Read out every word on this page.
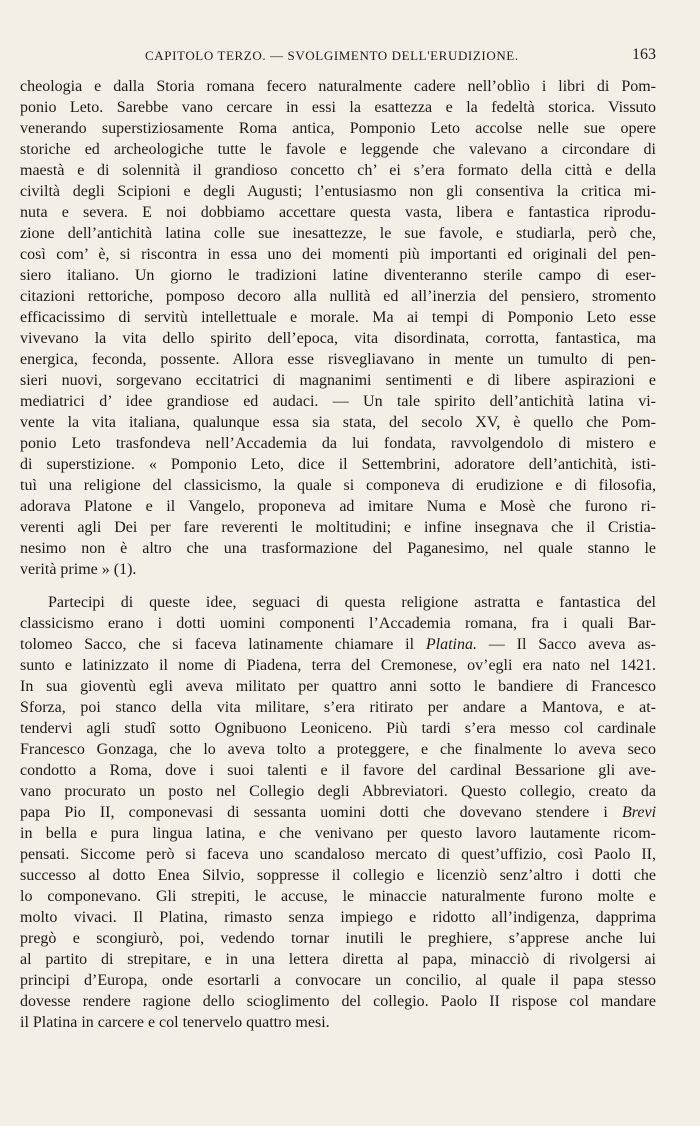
CAPITOLO TERZO. — SVOLGIMENTO DELL'ERUDIZIONE.	163
cheologia e dalla Storia romana fecero naturalmente cadere nell’oblìo i libri di Pom-
ponio Leto. Sarebbe vano cercare in essi la esattezza e la fedeltà storica. Vissuto
venerando superstiziosamente Roma antica, Pomponio Leto accolse nelle sue opere
storiche ed archeologiche tutte le favole e leggende che valevano a circondare di
maestà e di solennità il grandioso concetto ch’ ei s’era formato della città e della
civiltà degli Scipioni e degli Augusti; l’entusiasmo non gli consentiva la critica mi-
nuta e severa. E noi dobbiamo accettare questa vasta, libera e fantastica riprodu-
zione dell’antichità latina colle sue inesattezze, le sue favole, e studiarla, però che,
così com’ è, si riscontra in essa uno dei momenti più importanti ed originali del pen-
siero italiano. Un giorno le tradizioni latine diventeranno sterile campo di eser-
citazioni rettoriche, pomposo decoro alla nullità ed all’inerzia del pensiero, stromento
efficacissimo di servitù intellettuale e morale. Ma ai tempi di Pomponio Leto esse
vivevano la vita dello spirito dell’epoca, vita disordinata, corrotta, fantastica, ma
energica, feconda, possente. Allora esse risvegliavano in mente un tumulto di pen-
sieri nuovi, sorgevano eccitatrici di magnanimi sentimenti e di libere aspirazioni e
mediatrici d’ idee grandiose ed audaci. — Un tale spirito dell’antichità latina vi-
vente la vita italiana, qualunque essa sia stata, del secolo XV, è quello che Pom-
ponio Leto trasfondeva nell’Accademia da lui fondata, ravvolgendolo di mistero e
di superstizione. « Pomponio Leto, dice il Settembrini, adoratore dell’antichità, isti-
tuì una religione del classicismo, la quale si componeva di erudizione e di filosofia,
adorava Platone e il Vangelo, proponeva ad imitare Numa e Mosè che furono ri-
verenti agli Dei per fare reverenti le moltitudini; e infine insegnava che il Cristia-
nesimo non è altro che una trasformazione del Paganesimo, nel quale stanno le
verità prime » (1).
Partecipi di queste idee, seguaci di questa religione astratta e fantastica del
classicismo erano i dotti uomini componenti l’Accademia romana, fra i quali Bar-
tolomeo Sacco, che si faceva latinamente chiamare il Platina. — Il Sacco aveva as-
sunto e latinizzato il nome di Piadena, terra del Cremonese, ov’egli era nato nel 1421.
In sua gioventù egli aveva militato per quattro anni sotto le bandiere di Francesco
Sforza, poi stanco della vita militare, s’era ritirato per andare a Mantova, e at-
tendervi agli studî sotto Ognibuono Leoniceno. Più tardi s’era messo col cardinale
Francesco Gonzaga, che lo aveva tolto a proteggere, e che finalmente lo aveva seco
condotto a Roma, dove i suoi talenti e il favore del cardinal Bessarione gli ave-
vano procurato un posto nel Collegio degli Abbreviatori. Questo collegio, creato da
papa Pio II, componevasi di sessanta uomini dotti che dovevano stendere i Brevi
in bella e pura lingua latina, e che venivano per questo lavoro lautamente ricom-
pensati. Siccome però si faceva uno scandaloso mercato di quest’uffizio, così Paolo II,
successo al dotto Enea Silvio, soppresse il collegio e licenziò senz’altro i dotti che
lo componevano. Gli strepiti, le accuse, le minaccie naturalmente furono molte e
molto vivaci. Il Platina, rimasto senza impiego e ridotto all’indigenza, dapprima
pregò e scongiurò, poi, vedendo tornar inutili le preghiere, s’apprese anche lui
al partito di strepitare, e in una lettera diretta al papa, minacciò di rivolgersi ai
principi d’Europa, onde esortarli a convocare un concilio, al quale il papa stesso
dovesse rendere ragione dello scioglimento del collegio. Paolo II rispose col mandare
il Platina in carcere e col tenervelo quattro mesi.
